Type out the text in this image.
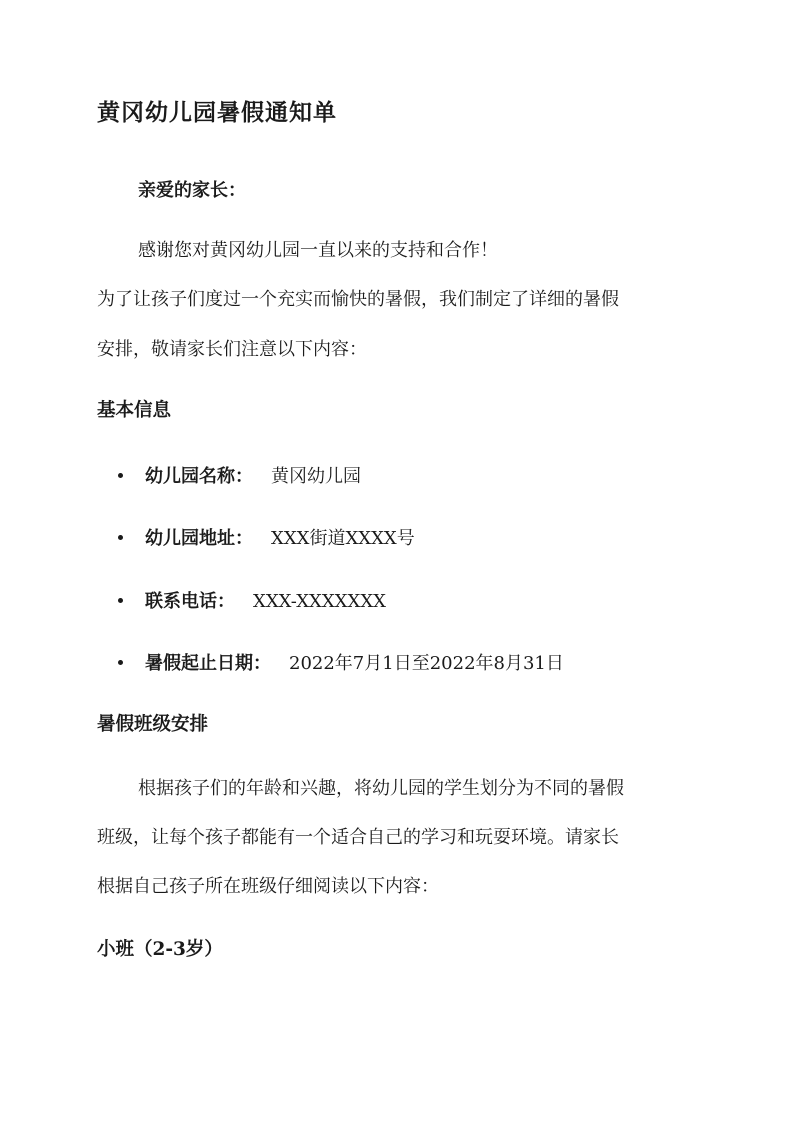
黄冈幼儿园暑假通知单

亲爱的家长：

感谢您对黄冈幼儿园一直以来的支持和合作！

为了让孩子们度过一个充实而愉快的暑假，我们制定了详细的暑假

安排，敬请家长们注意以下内容：

基本信息
幼儿园名称： 黄冈幼儿园
幼儿园地址： XXX街道XXXX号
联系电话： XXX-XXXXXXX
暑假起止日期： 2022年7月1日至2022年8月31日
暑假班级安排

根据孩子们的年龄和兴趣，将幼儿园的学生划分为不同的暑假

班级，让每个孩子都能有一个适合自己的学习和玩耍环境。请家长

根据自己孩子所在班级仔细阅读以下内容：

小班（2-3岁）
